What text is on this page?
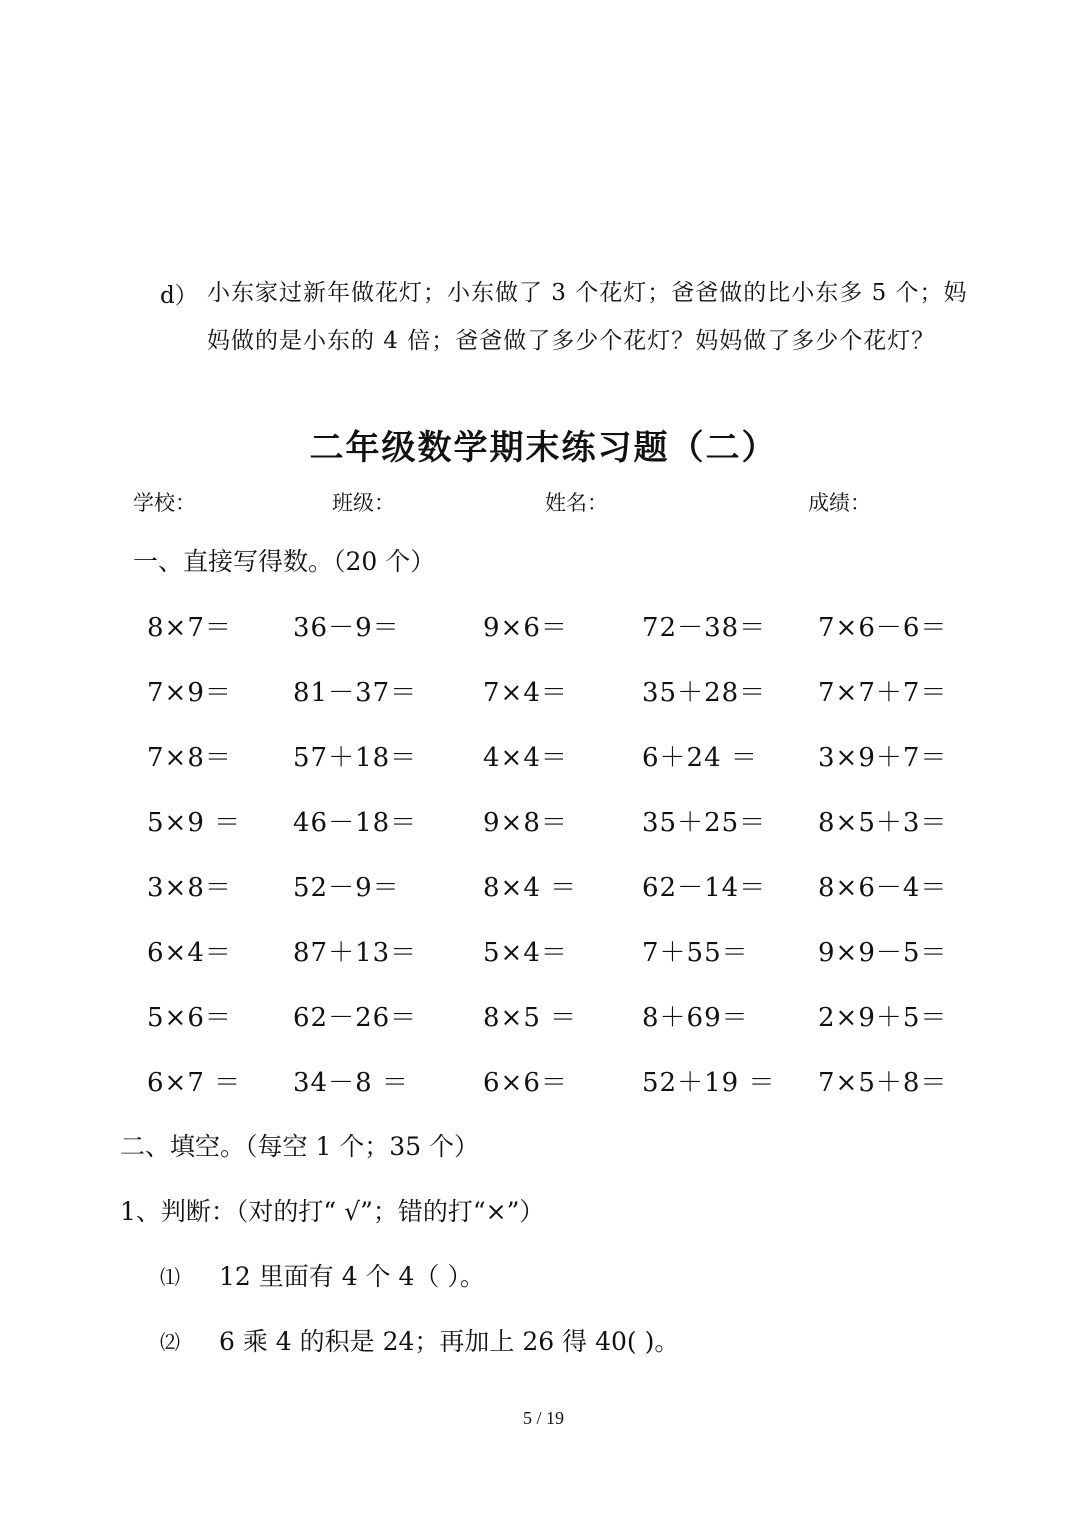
d） 小东家过新年做花灯；小东做了 3 个花灯；爸爸做的比小东多 5 个；妈
妈做的是小东的 4 倍；爸爸做了多少个花灯？妈妈做了多少个花灯？
二年级数学期末练习题（二）
学校：	班级：	姓名：	成绩：
一、直接写得数。（20 个）
8×7＝ 36－9＝	9×6＝	72－38＝ 7×6－6＝
7×9＝ 81－37＝	7×4＝	35＋28＝ 7×7＋7＝
7×8＝ 57＋18＝	4×4＝	6＋24 ＝ 3×9＋7＝
5×9 ＝ 46－18＝	9×8＝	35＋25＝ 8×5＋3＝
3×8＝ 52－9＝	8×4 ＝ 62－14＝ 8×6－4＝
6×4＝ 87＋13＝	5×4＝	7＋55＝	9×9－5＝
5×6＝ 62－26＝	8×5 ＝ 8＋69＝	2×9＋5＝
6×7 ＝ 34－8 ＝	6×6＝	52＋19 ＝ 7×5＋8＝
二、填空。（每空 1 个；35 个）
1、判断：（对的打“ √”；错的打“×”）
⑴ 12 里面有 4 个 4（ ）。
⑵ 6 乘 4 的积是 24；再加上 26 得 40( )。
5 / 19
